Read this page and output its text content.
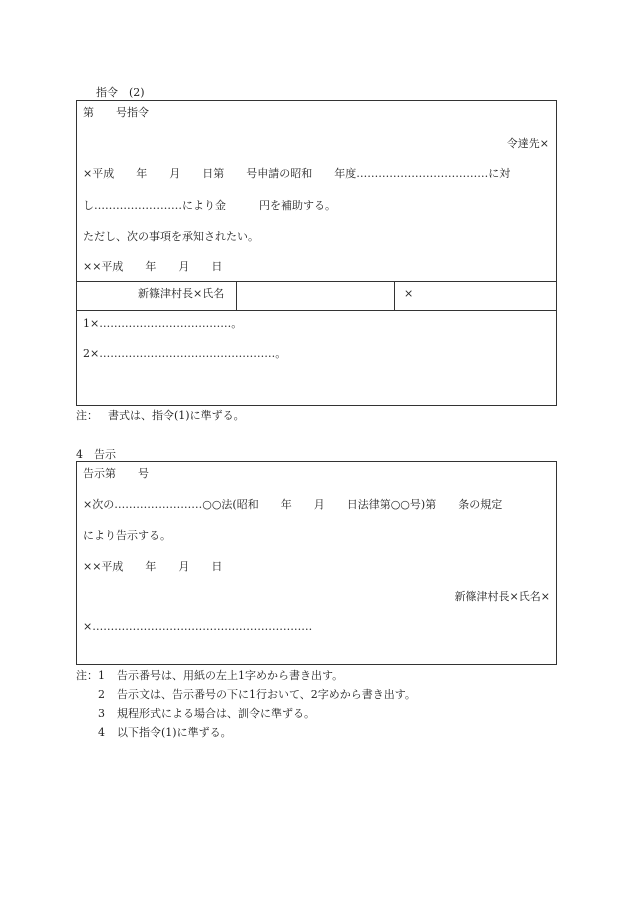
指令　(2)
第　　号指令
令達先×
×平成　　年　　月　　日第　　号申請の昭和　　年度………………………………に対
し……………………により金　　　円を補助する。
ただし、次の事項を承知されたい。
××平成　　年　　月　　日
新篠津村長×氏名	×
1×………………………………。
2×…………………………………………。
注： 書式は、指令(1)に準ずる。
4　告示
告示第　　号
×次の……………………○○法(昭和　　年　　月　　日法律第○○号)第　　条の規定
により告示する。
××平成　　年　　月　　日
新篠津村長×氏名×
×……………………………………………………
注： 1 告示番号は、用紙の左上1字めから書き出す。
2 告示文は、告示番号の下に1行おいて、2字めから書き出す。
3 規程形式による場合は、訓令に準ずる。
4 以下指令(1)に準ずる。
